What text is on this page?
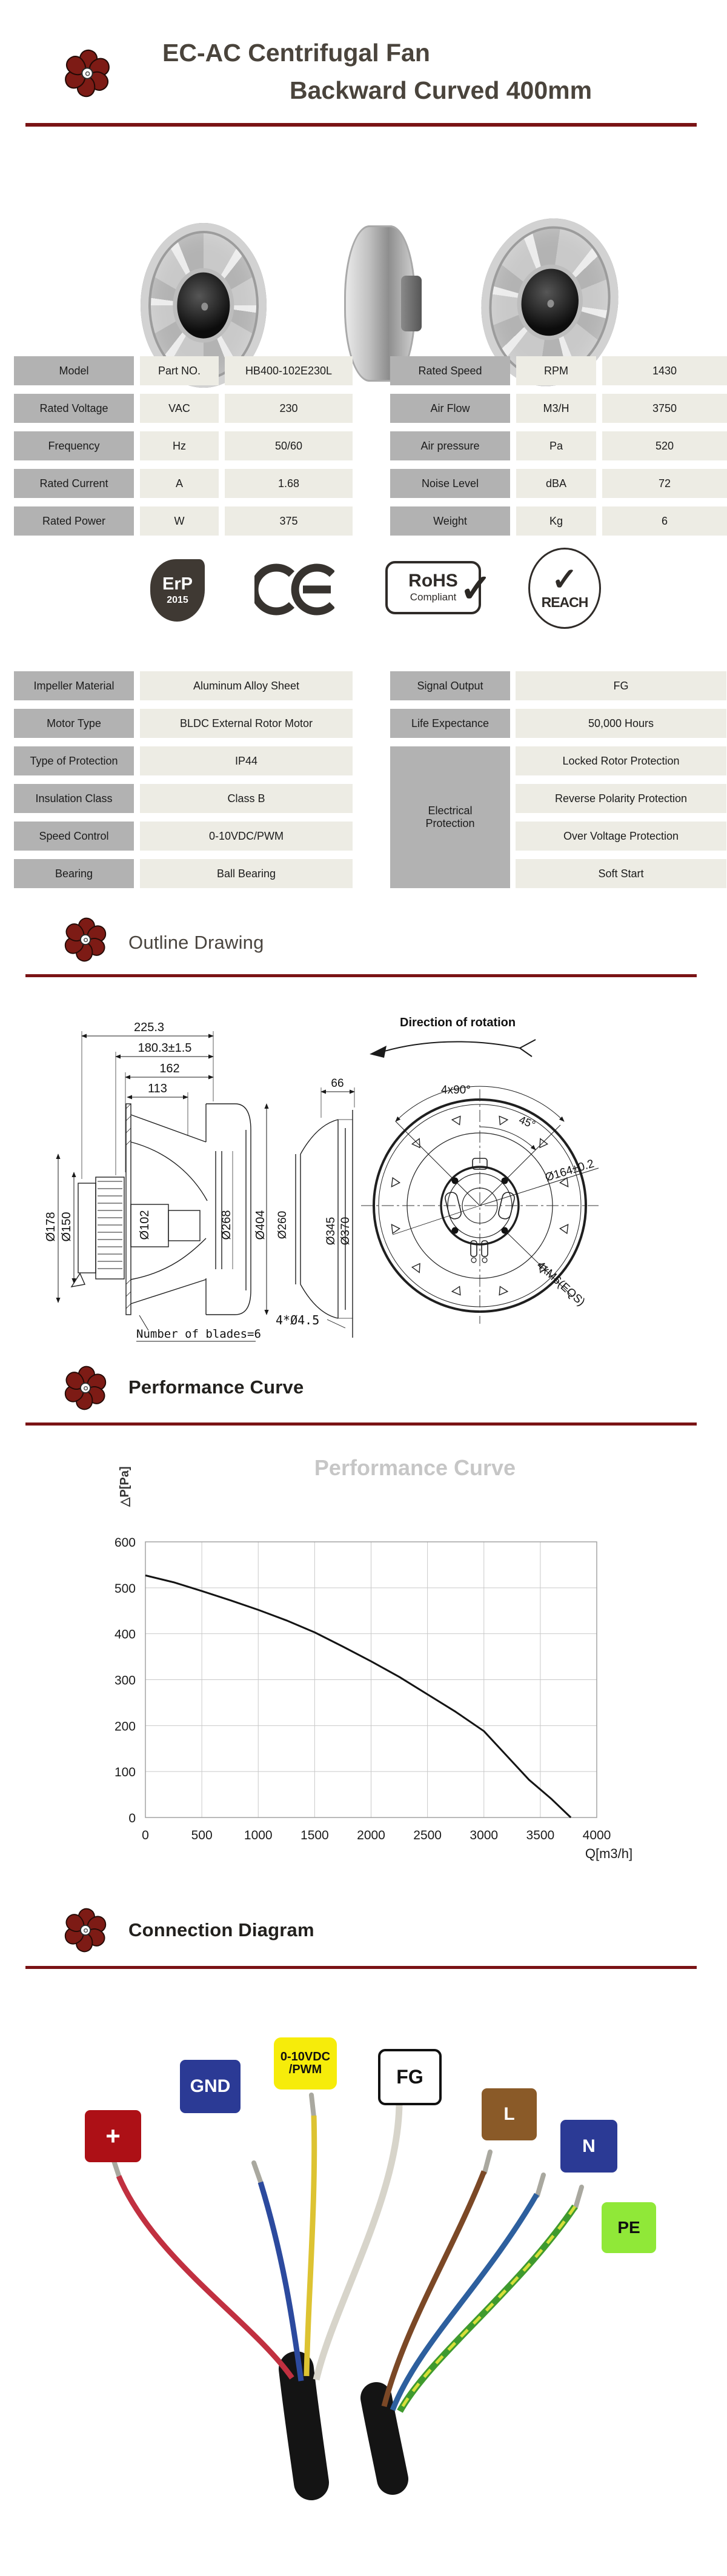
EC-AC Centrifugal Fan
Backward Curved 400mm
Model	Part NO.	HB400-102E230L
Rated Voltage	VAC	230
Frequency	Hz	50/60
Rated Current	A	1.68
Rated Power	W	375
Rated Speed	RPM	1430
Air Flow	M3/H	3750
Air pressure	Pa	520
Noise Level	dBA	72
Weight	Kg	6
ErP
2015
RoHS
Compliant ✓ ✓
REACH
Impeller Material	Aluminum Alloy Sheet
Motor Type	BLDC External Rotor Motor
Type of Protection	IP44
Insulation Class	Class B
Speed Control	0-10VDC/PWM
Bearing	Ball Bearing
Signal Output	FG
Life Expectance	50,000 Hours
Electrical
Protection
Locked Rotor Protection
Reverse Polarity Protection
Over Voltage Protection
Soft Start
Outline Drawing
225.3
180.3±1.5
162
113
Ø178 Ø150	Ø102	Ø268 Ø404
Number of blades=6
66
Ø260	Ø345 Ø370
4*Ø4.5
Direction of rotation
4x90°
45°
Ø164±0.2
4xM6(EQS)
Performance Curve
Performance Curve
△P[Pa]
Q[m3/h]
0	500 1000 1500 2000 2500 3000 3500 4000
0
100
200
300
400
500
600
Connection Diagram
+
GND
0-10VDC
/PWM	FG
L
N
PE
